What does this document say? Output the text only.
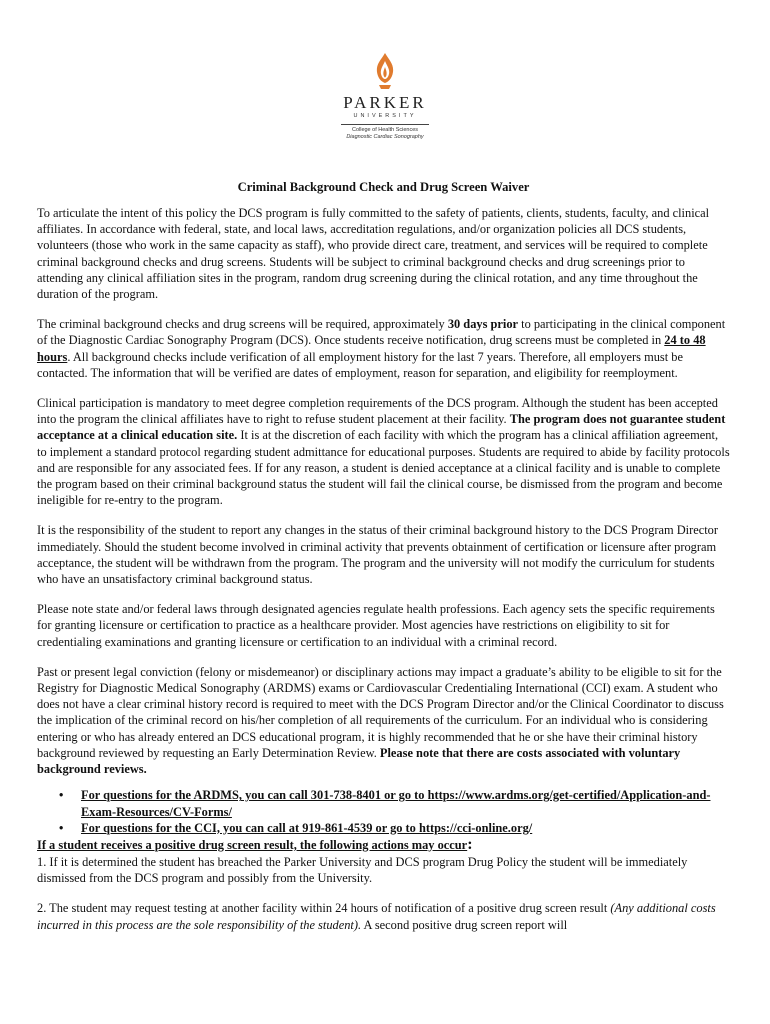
PARKER
UNIVERSITY
College of Health Sciences
Diagnostic Cardiac Sonography
Criminal Background Check and Drug Screen Waiver

To articulate the intent of this policy the DCS program is fully committed to the safety of patients, clients, students, faculty, and clinical affiliates. In accordance with federal, state, and local laws, accreditation regulations, and/or organization policies all DCS students, volunteers (those who work in the same capacity as staff), who provide direct care, treatment, and services will be required to complete criminal background checks and drug screens. Students will be subject to criminal background checks and drug screenings prior to attending any clinical affiliation sites in the program, random drug screening during the clinical rotation, and any time throughout the duration of the program.

The criminal background checks and drug screens will be required, approximately 30 days prior to participating in the clinical component of the Diagnostic Cardiac Sonography Program (DCS). Once students receive notification, drug screens must be completed in 24 to 48 hours. All background checks include verification of all employment history for the last 7 years. Therefore, all employers must be contacted. The information that will be verified are dates of employment, reason for separation, and eligibility for reemployment.

Clinical participation is mandatory to meet degree completion requirements of the DCS program. Although the student has been accepted into the program the clinical affiliates have to right to refuse student placement at their facility. The program does not guarantee student acceptance at a clinical education site. It is at the discretion of each facility with which the program has a clinical affiliation agreement, to implement a standard protocol regarding student admittance for educational purposes. Students are required to abide by facility protocols and are responsible for any associated fees. If for any reason, a student is denied acceptance at a clinical facility and is unable to complete the program based on their criminal background status the student will fail the clinical course, be dismissed from the program and become ineligible for re-entry to the program.

It is the responsibility of the student to report any changes in the status of their criminal background history to the DCS Program Director immediately. Should the student become involved in criminal activity that prevents obtainment of certification or licensure after program acceptance, the student will be withdrawn from the program. The program and the university will not modify the curriculum for students who have an unsatisfactory criminal background status.

Please note state and/or federal laws through designated agencies regulate health professions. Each agency sets the specific requirements for granting licensure or certification to practice as a healthcare provider. Most agencies have restrictions on eligibility to sit for credentialing examinations and granting licensure or certification to an individual with a criminal record.

Past or present legal conviction (felony or misdemeanor) or disciplinary actions may impact a graduate’s ability to be eligible to sit for the Registry for Diagnostic Medical Sonography (ARDMS) exams or Cardiovascular Credentialing International (CCI) exam. A student who does not have a clear criminal history record is required to meet with the DCS Program Director and/or the Clinical Coordinator to discuss the implication of the criminal record on his/her completion of all requirements of the curriculum. For an individual who is considering entering or who has already entered an DCS educational program, it is highly recommended that he or she have their criminal history background reviewed by requesting an Early Determination Review. Please note that there are costs associated with voluntary background reviews.

• For questions for the ARDMS, you can call 301-738-8401 or go to https://www.ardms.org/get-certified/Application-and-Exam-Resources/CV-Forms/
• For questions for the CCI, you can call at 919-861-4539 or go to https://cci-online.org/
If a student receives a positive drug screen result, the following actions may occur:

1. If it is determined the student has breached the Parker University and DCS program Drug Policy the student will be immediately dismissed from the DCS program and possibly from the University.

2. The student may request testing at another facility within 24 hours of notification of a positive drug screen result (Any additional costs incurred in this process are the sole responsibility of the student). A second positive drug screen report will
